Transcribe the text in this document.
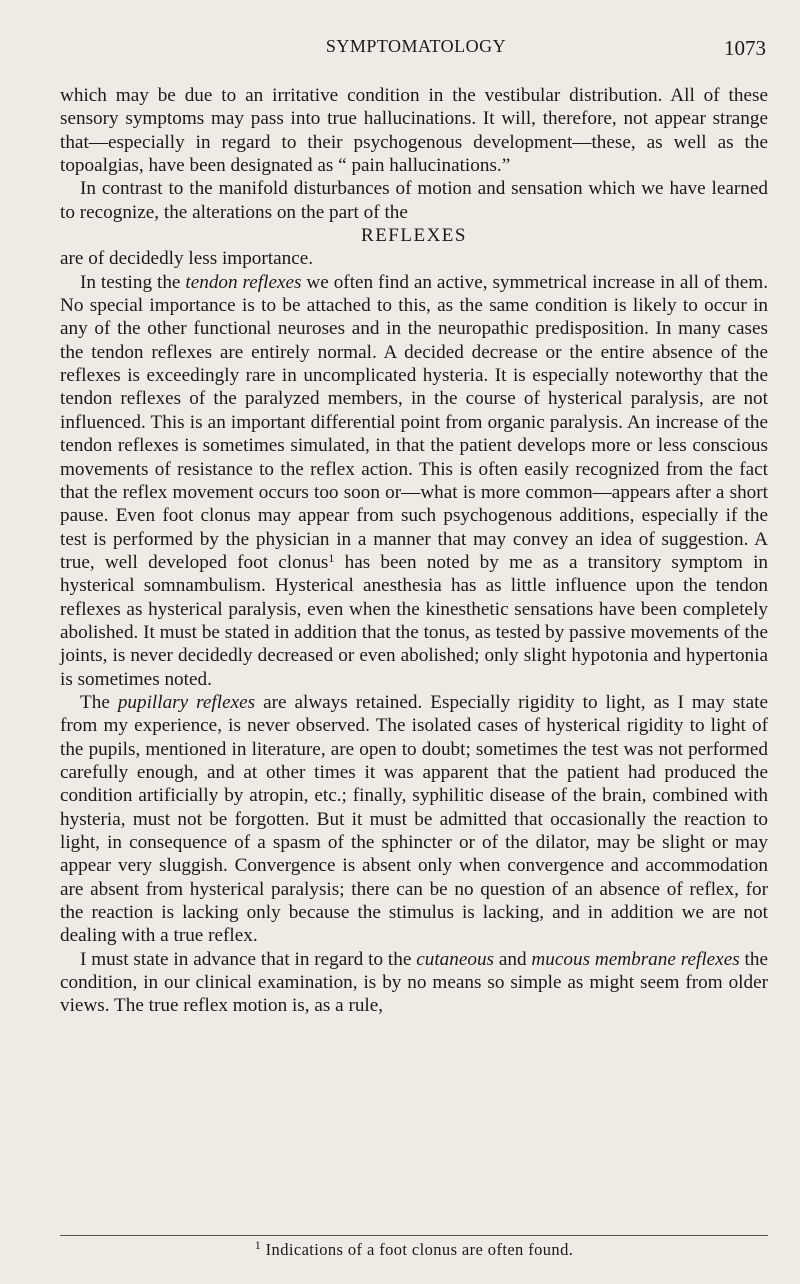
SYMPTOMATOLOGY	1073

which may be due to an irritative condition in the vestibular distribution. All of these sensory symptoms may pass into true hallucinations. It will, therefore, not appear strange that—especially in regard to their psychogenous development—these, as well as the topoalgias, have been designated as “ pain hallucinations.”

In contrast to the manifold disturbances of motion and sensation which we have learned to recognize, the alterations on the part of the

REFLEXES

are of decidedly less importance.

In testing the tendon reflexes we often find an active, symmetrical increase in all of them. No special importance is to be attached to this, as the same condition is likely to occur in any of the other functional neuroses and in the neuropathic predisposition. In many cases the tendon reflexes are entirely normal. A decided decrease or the entire absence of the reflexes is exceedingly rare in uncomplicated hysteria. It is especially noteworthy that the tendon reflexes of the paralyzed members, in the course of hysterical paralysis, are not influenced. This is an important differential point from organic paralysis. An increase of the tendon reflexes is sometimes simulated, in that the patient develops more or less conscious movements of resistance to the reflex action. This is often easily recognized from the fact that the reflex movement occurs too soon or—what is more common—appears after a short pause. Even foot clonus may appear from such psychogenous additions, especially if the test is performed by the physician in a manner that may convey an idea of suggestion. A true, well developed foot clonus$^1$ has been noted by me as a transitory symptom in hysterical somnambulism. Hysterical anesthesia has as little influence upon the tendon reflexes as hysterical paralysis, even when the kinesthetic sensations have been completely abolished. It must be stated in addition that the tonus, as tested by passive movements of the joints, is never decidedly decreased or even abolished; only slight hypotonia and hypertonia is sometimes noted.

The pupillary reflexes are always retained. Especially rigidity to light, as I may state from my experience, is never observed. The isolated cases of hysterical rigidity to light of the pupils, mentioned in literature, are open to doubt; sometimes the test was not performed carefully enough, and at other times it was apparent that the patient had produced the condition artificially by atropin, etc.; finally, syphilitic disease of the brain, combined with hysteria, must not be forgotten. But it must be admitted that occasionally the reaction to light, in consequence of a spasm of the sphincter or of the dilator, may be slight or may appear very sluggish. Convergence is absent only when convergence and accommodation are absent from hysterical paralysis; there can be no question of an absence of reflex, for the reaction is lacking only because the stimulus is lacking, and in addition we are not dealing with a true reflex.

I must state in advance that in regard to the cutaneous and mucous membrane reflexes the condition, in our clinical examination, is by no means so simple as might seem from older views. The true reflex motion is, as a rule,

$^1$ Indications of a foot clonus are often found.
